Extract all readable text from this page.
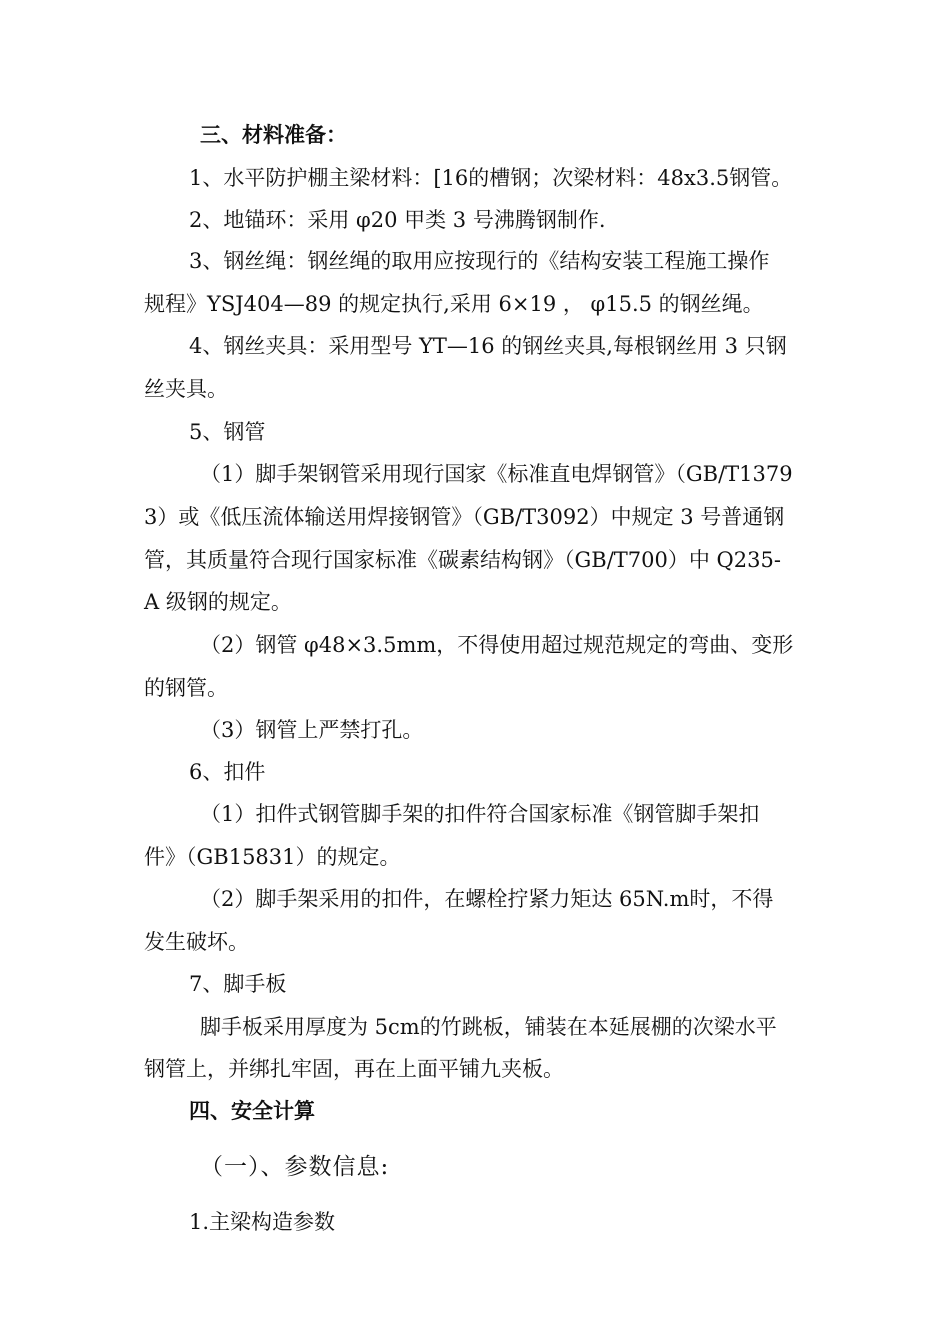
三、材料准备：

1、水平防护棚主梁材料：[16的槽钢；次梁材料：48x3.5钢管。

2、地锚环：采用 φ20 甲类 3 号沸腾钢制作.

3、钢丝绳：钢丝绳的取用应按现行的《结构安装工程施工操作

规程》YSJ404—89 的规定执行,采用 6×19 ， φ15.5 的钢丝绳。

4、钢丝夹具：采用型号 YT—16 的钢丝夹具,每根钢丝用 3 只钢

丝夹具。

5、钢管

（1）脚手架钢管采用现行国家《标准直电焊钢管》（GB/T1379

3）或《低压流体输送用焊接钢管》（GB/T3092）中规定 3 号普通钢

管，其质量符合现行国家标准《碳素结构钢》（GB/T700）中 Q235-

A 级钢的规定。

（2）钢管 φ48×3.5mm，不得使用超过规范规定的弯曲、变形

的钢管。

（3）钢管上严禁打孔。

6、扣件

（1）扣件式钢管脚手架的扣件符合国家标准《钢管脚手架扣

件》（GB15831）的规定。

（2）脚手架采用的扣件，在螺栓拧紧力矩达 65N.m时，不得

发生破坏。

7、脚手板

脚手板采用厚度为 5cm的竹跳板，铺装在本延展棚的次梁水平

钢管上，并绑扎牢固，再在上面平铺九夹板。

四、安全计算

（一）、参数信息:

1.主梁构造参数
